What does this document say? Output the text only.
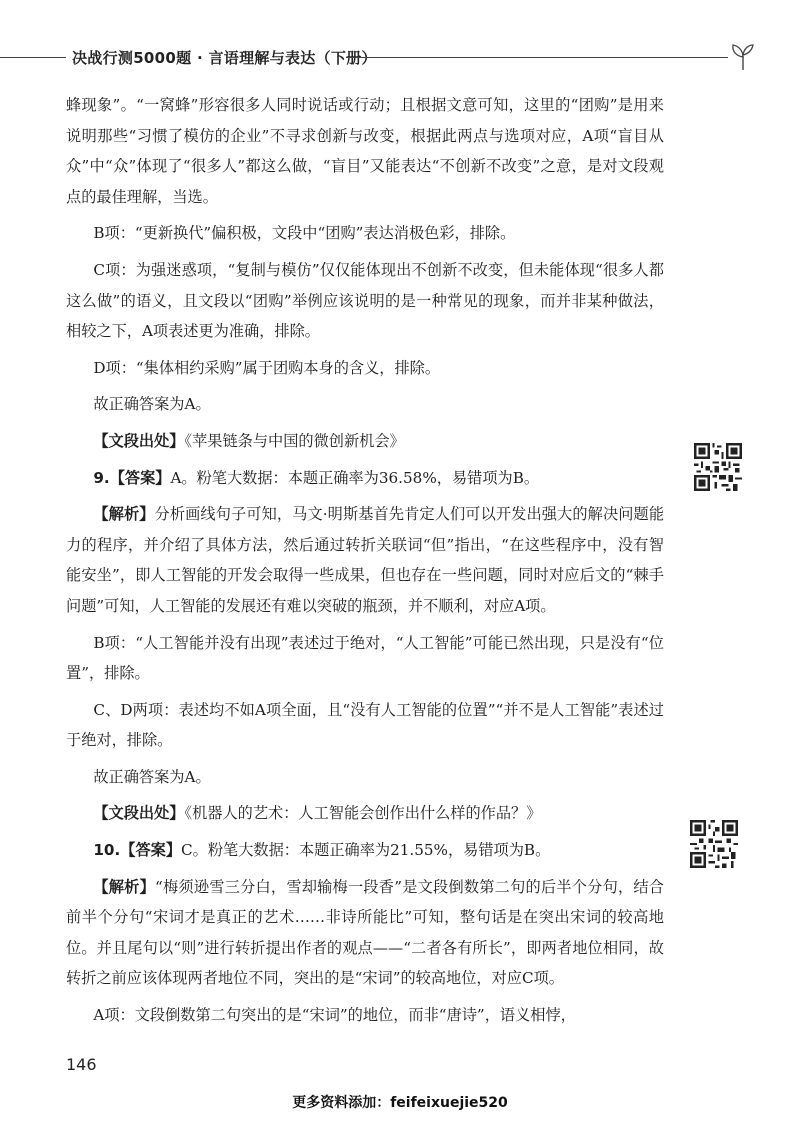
决战行测5000题 · 言语理解与表达（下册）

蜂现象”。“一窝蜂”形容很多人同时说话或行动；且根据文意可知，这里的“团购”是用来说明那些“习惯了模仿的企业”不寻求创新与改变，根据此两点与选项对应，A项“盲目从众”中“众”体现了“很多人”都这么做，“盲目”又能表达“不创新不改变”之意，是对文段观点的最佳理解，当选。

B项：“更新换代”偏积极，文段中“团购”表达消极色彩，排除。

C项：为强迷惑项，“复制与模仿”仅仅能体现出不创新不改变，但未能体现“很多人都这么做”的语义，且文段以“团购”举例应该说明的是一种常见的现象，而并非某种做法，相较之下，A项表述更为准确，排除。

D项：“集体相约采购”属于团购本身的含义，排除。

故正确答案为A。

【文段出处】《苹果链条与中国的微创新机会》

9.【答案】A。粉笔大数据：本题正确率为36.58%，易错项为B。

【解析】分析画线句子可知，马文·明斯基首先肯定人们可以开发出强大的解决问题能力的程序，并介绍了具体方法，然后通过转折关联词“但”指出，“在这些程序中，没有智能安坐”，即人工智能的开发会取得一些成果，但也存在一些问题，同时对应后文的“棘手问题”可知，人工智能的发展还有难以突破的瓶颈，并不顺利，对应A项。

B项：“人工智能并没有出现”表述过于绝对，“人工智能”可能已然出现，只是没有“位置”，排除。

C、D两项：表述均不如A项全面，且“没有人工智能的位置”“并不是人工智能”表述过于绝对，排除。

故正确答案为A。

【文段出处】《机器人的艺术：人工智能会创作出什么样的作品？》

10.【答案】C。粉笔大数据：本题正确率为21.55%，易错项为B。

【解析】“梅须逊雪三分白，雪却输梅一段香”是文段倒数第二句的后半个分句，结合前半个分句“宋词才是真正的艺术……非诗所能比”可知，整句话是在突出宋词的较高地位。并且尾句以“则”进行转折提出作者的观点——“二者各有所长”，即两者地位相同，故转折之前应该体现两者地位不同，突出的是“宋词”的较高地位，对应C项。

A项：文段倒数第二句突出的是“宋词”的地位，而非“唐诗”，语义相悖，

146
更多资料添加：feifeixuejie520
